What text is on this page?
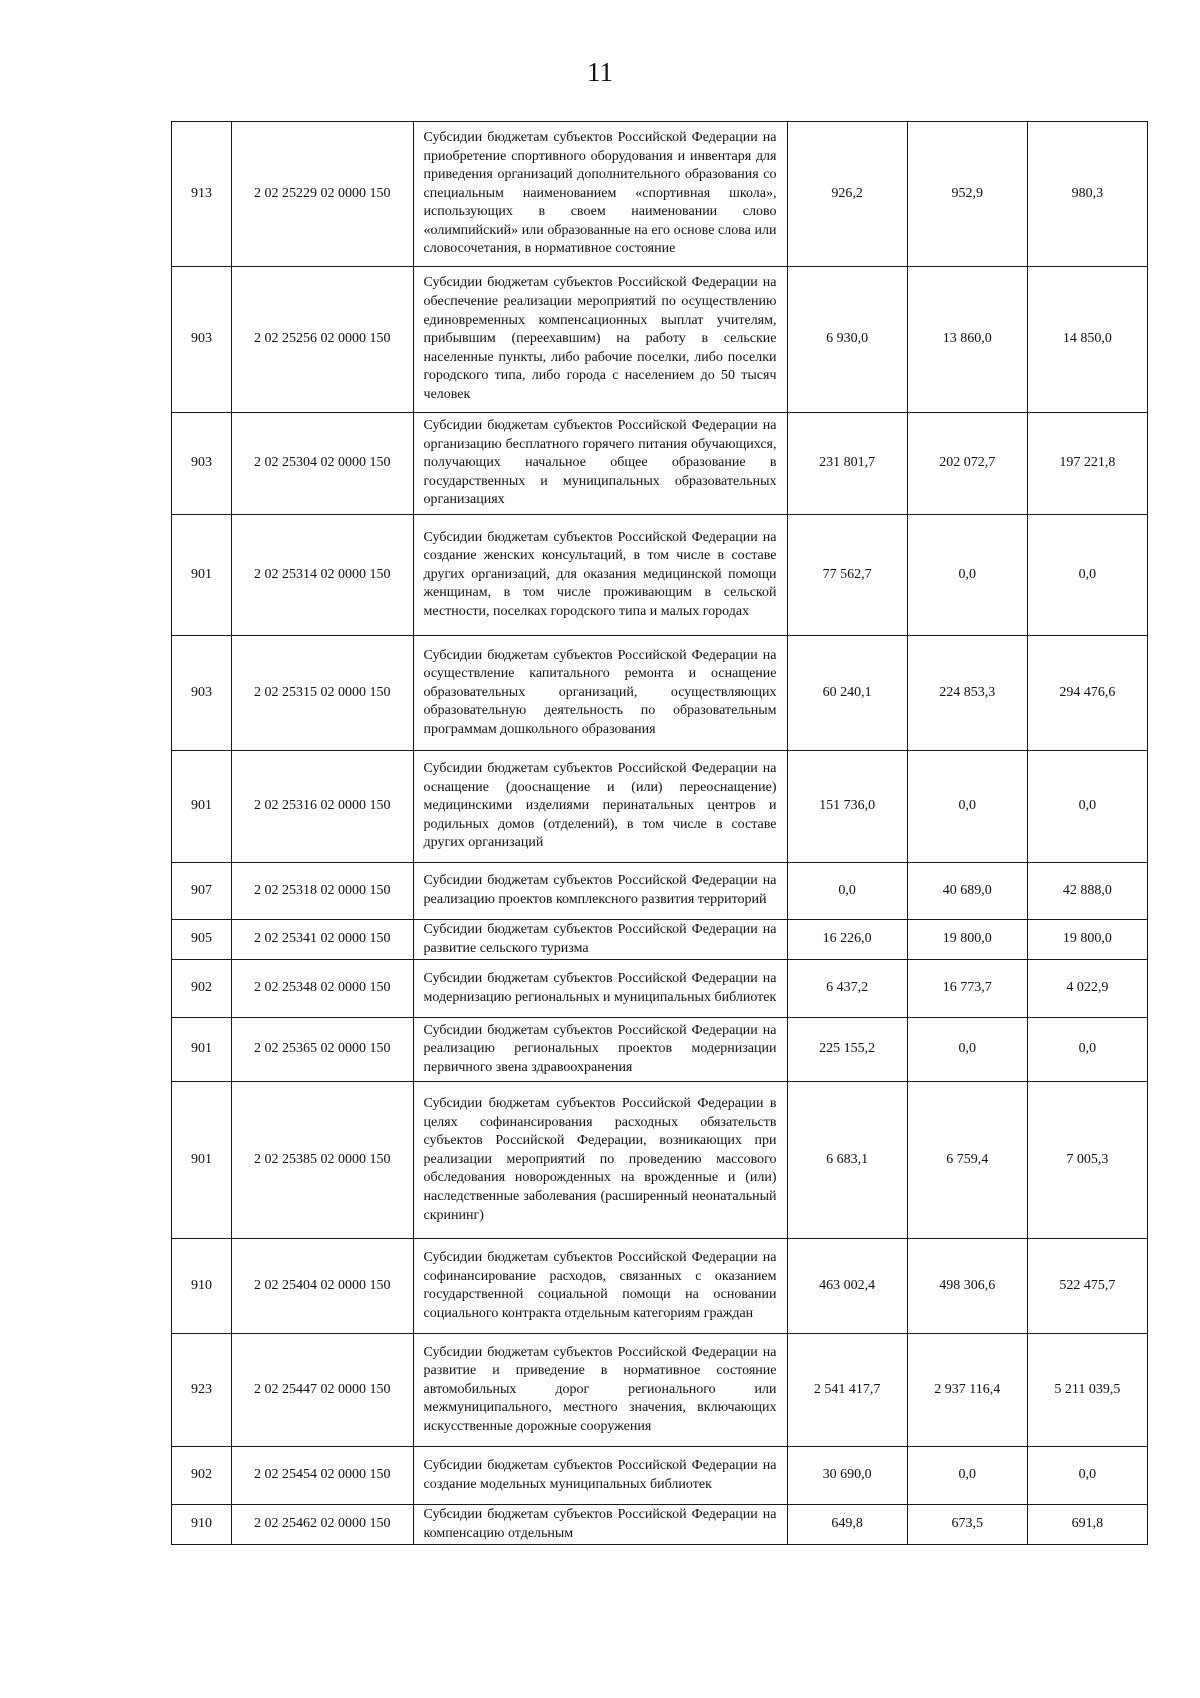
11
913	2 02 25229 02 0000 150	Субсидии бюджетам субъектов Российской Федерации на приобретение спортивного оборудования и инвентаря для приведения организаций дополнительного образования со специальным наименованием «спортивная школа», использующих в своем наименовании слово «олимпийский» или образованные на его основе слова или словосочетания, в нормативное состояние	926,2	952,9	980,3
903	2 02 25256 02 0000 150	Субсидии бюджетам субъектов Российской Федерации на обеспечение реализации мероприятий по осуществлению единовременных компенсационных выплат учителям, прибывшим (переехавшим) на работу в сельские населенные пункты, либо рабочие поселки, либо поселки городского типа, либо города с населением до 50 тысяч человек	6 930,0	13 860,0	14 850,0
903	2 02 25304 02 0000 150	Субсидии бюджетам субъектов Российской Федерации на организацию бесплатного горячего питания обучающихся, получающих начальное общее образование в государственных и муниципальных образовательных организациях	231 801,7	202 072,7	197 221,8
901	2 02 25314 02 0000 150	Субсидии бюджетам субъектов Российской Федерации на создание женских консультаций, в том числе в составе других организаций, для оказания медицинской помощи женщинам, в том числе проживающим в сельской местности, поселках городского типа и малых городах	77 562,7	0,0	0,0
903	2 02 25315 02 0000 150	Субсидии бюджетам субъектов Российской Федерации на осуществление капитального ремонта и оснащение образовательных организаций, осуществляющих образовательную деятельность по образовательным программам дошкольного образования	60 240,1	224 853,3	294 476,6
901	2 02 25316 02 0000 150	Субсидии бюджетам субъектов Российской Федерации на оснащение (дооснащение и (или) переоснащение) медицинскими изделиями перинатальных центров и родильных домов (отделений), в том числе в составе других организаций	151 736,0	0,0	0,0
907	2 02 25318 02 0000 150	Субсидии бюджетам субъектов Российской Федерации на реализацию проектов комплексного развития территорий	0,0	40 689,0	42 888,0
905	2 02 25341 02 0000 150	Субсидии бюджетам субъектов Российской Федерации на развитие сельского туризма	16 226,0	19 800,0	19 800,0
902	2 02 25348 02 0000 150	Субсидии бюджетам субъектов Российской Федерации на модернизацию региональных и муниципальных библиотек	6 437,2	16 773,7	4 022,9
901	2 02 25365 02 0000 150	Субсидии бюджетам субъектов Российской Федерации на реализацию региональных проектов модернизации первичного звена здравоохранения	225 155,2	0,0	0,0
901	2 02 25385 02 0000 150	Субсидии бюджетам субъектов Российской Федерации в целях софинансирования расходных обязательств субъектов Российской Федерации, возникающих при реализации мероприятий по проведению массового обследования новорожденных на врожденные и (или) наследственные заболевания (расширенный неонатальный скрининг)	6 683,1	6 759,4	7 005,3
910	2 02 25404 02 0000 150	Субсидии бюджетам субъектов Российской Федерации на софинансирование расходов, связанных с оказанием государственной социальной помощи на основании социального контракта отдельным категориям граждан	463 002,4	498 306,6	522 475,7
923	2 02 25447 02 0000 150	Субсидии бюджетам субъектов Российской Федерации на развитие и приведение в нормативное состояние автомобильных дорог регионального или межмуниципального, местного значения, включающих искусственные дорожные сооружения	2 541 417,7	2 937 116,4	5 211 039,5
902	2 02 25454 02 0000 150	Субсидии бюджетам субъектов Российской Федерации на создание модельных муниципальных библиотек	30 690,0	0,0	0,0
910	2 02 25462 02 0000 150	Субсидии бюджетам субъектов Российской Федерации на компенсацию отдельным	649,8	673,5	691,8
